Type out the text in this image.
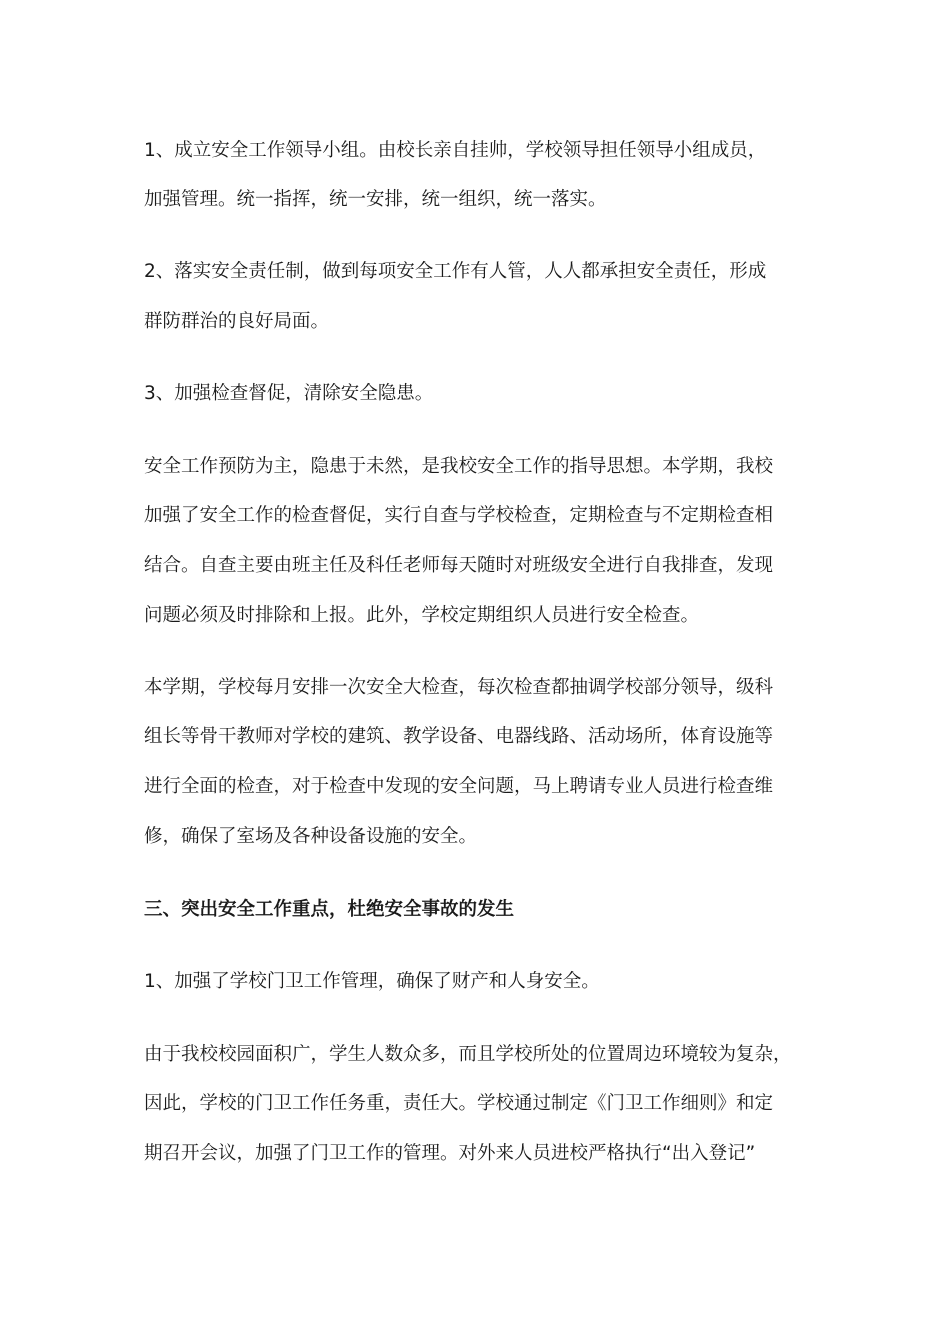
1、成立安全工作领导小组。由校长亲自挂帅，学校领导担任领导小组成员，
加强管理。统一指挥，统一安排，统一组织，统一落实。
2、落实安全责任制，做到每项安全工作有人管，人人都承担安全责任，形成
群防群治的良好局面。
3、加强检查督促，清除安全隐患。
安全工作预防为主，隐患于未然，是我校安全工作的指导思想。本学期，我校
加强了安全工作的检查督促，实行自查与学校检查，定期检查与不定期检查相
结合。自查主要由班主任及科任老师每天随时对班级安全进行自我排查，发现
问题必须及时排除和上报。此外，学校定期组织人员进行安全检查。
本学期，学校每月安排一次安全大检查，每次检查都抽调学校部分领导，级科
组长等骨干教师对学校的建筑、教学设备、电器线路、活动场所，体育设施等
进行全面的检查，对于检查中发现的安全问题，马上聘请专业人员进行检查维
修，确保了室场及各种设备设施的安全。
三、突出安全工作重点，杜绝安全事故的发生
1、加强了学校门卫工作管理，确保了财产和人身安全。
由于我校校园面积广，学生人数众多，而且学校所处的位置周边环境较为复杂，
因此，学校的门卫工作任务重，责任大。学校通过制定《门卫工作细则》和定
期召开会议，加强了门卫工作的管理。对外来人员进校严格执行“出入登记”
